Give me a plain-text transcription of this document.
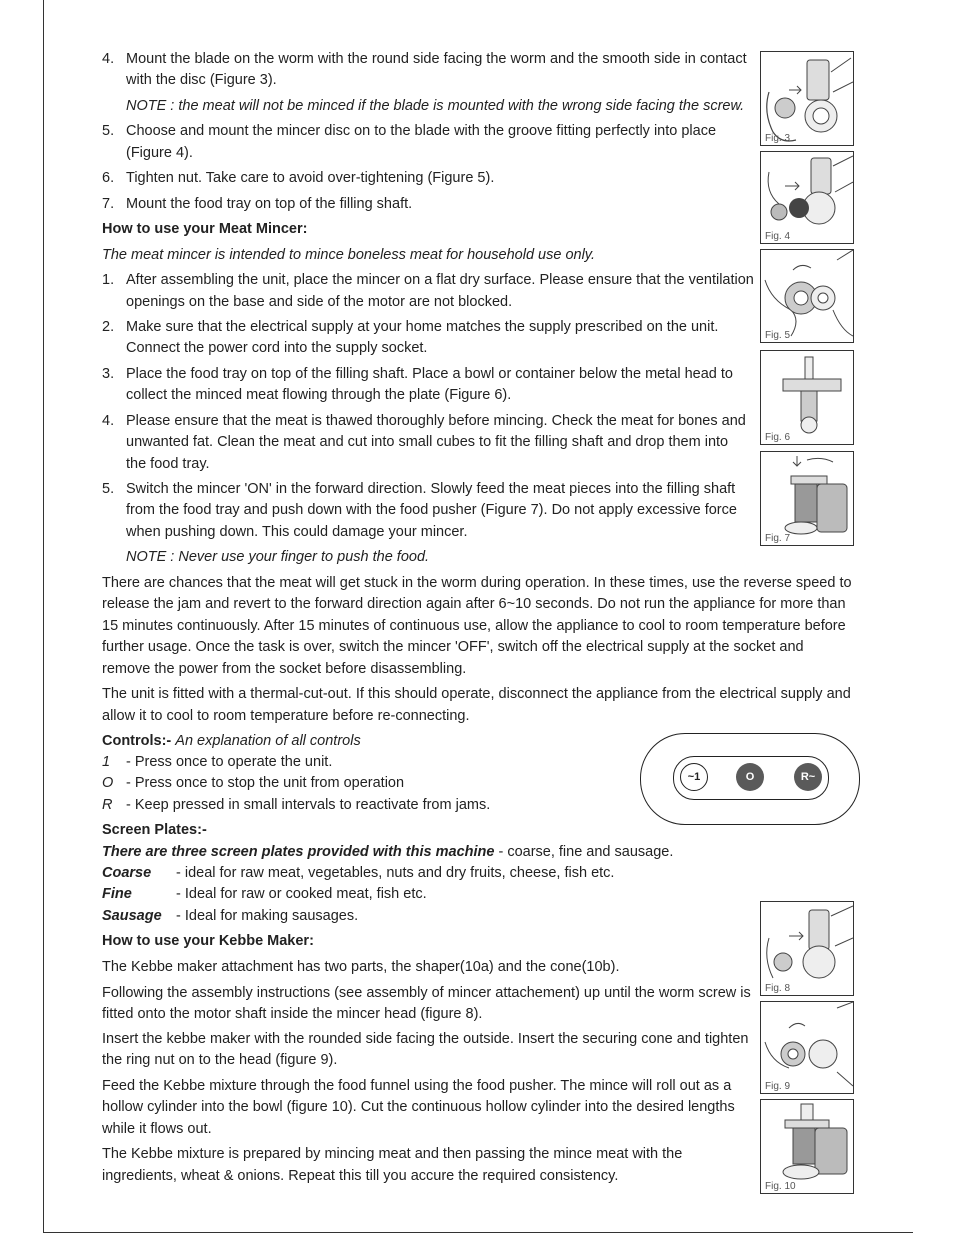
4. Mount the blade on the worm with the round side facing the worm and the smooth side in contact
with the disc (Figure 3).
NOTE : the meat will not be minced if the blade is mounted with the wrong side facing the screw.
5. Choose and mount the mincer disc on to the blade with the groove fitting perfectly into place
(Figure 4).
6. Tighten nut. Take care to avoid over-tightening (Figure 5).
7. Mount the food tray on top of the filling shaft.
How to use your Meat Mincer:
The meat mincer is intended to mince boneless meat for household use only.
1. After assembling the unit, place the mincer on a flat dry surface. Please ensure that the ventilation
openings on the base and side of the motor are not blocked.
2. Make sure that the electrical supply at your home matches the supply prescribed on the unit.
Connect the power cord into the supply socket.
3. Place the food tray on top of the filling shaft. Place a bowl or container below the metal head to
collect the minced meat flowing through the plate (Figure 6).
4. Please ensure that the meat is thawed thoroughly before mincing. Check the meat for bones and
unwanted fat. Clean the meat and cut into small cubes to fit the filling shaft and drop them into
the food tray.
5. Switch the mincer 'ON' in the forward direction. Slowly feed the meat pieces into the filling shaft
from the food tray and push down with the food pusher (Figure 7). Do not apply excessive force
when pushing down. This could damage your mincer.
NOTE : Never use your finger to push the food.
There are chances that the meat will get stuck in the worm during operation. In these times, use the reverse speed to
release the jam and revert to the forward direction again after 6~10 seconds. Do not run the appliance for more than
15 minutes continuously. After 15 minutes of continuous use, allow the appliance to cool to room temperature before
further usage. Once the task is over, switch the mincer 'OFF', switch off the electrical supply at the socket and
remove the power from the socket before disassembling.
The unit is fitted with a thermal-cut-out. If this should operate, disconnect the appliance from the electrical supply and
allow it to cool to room temperature before re-connecting.
Controls:- An explanation of all controls
1 - Press once to operate the unit.
O - Press once to stop the unit from operation
R - Keep pressed in small intervals to reactivate from jams.
~1	O	R~
Screen Plates:-
There are three screen plates provided with this machine - coarse, fine and sausage.
Coarse - ideal for raw meat, vegetables, nuts and dry fruits, cheese, fish etc.
Fine	- Ideal for raw or cooked meat, fish etc.
Sausage - Ideal for making sausages.
How to use your Kebbe Maker:
The Kebbe maker attachment has two parts, the shaper(10a) and the cone(10b).
Following the assembly instructions (see assembly of mincer attachement) up until the worm screw is
fitted onto the motor shaft inside the mincer head (figure 8).
Insert the kebbe maker with the rounded side facing the outside. Insert the securing cone and tighten
the ring nut on to the head (figure 9).
Feed the Kebbe mixture through the food funnel using the food pusher. The mince will roll out as a
hollow cylinder into the bowl (figure 10). Cut the continuous hollow cylinder into the desired lengths
while it flows out.
The Kebbe mixture is prepared by mincing meat and then passing the mince meat with the
ingredients, wheat & onions. Repeat this till you accure the required consistency.
Fig. 3
Fig. 4
Fig. 5
Fig. 6
Fig. 7
Fig. 8
Fig. 9
Fig. 10
